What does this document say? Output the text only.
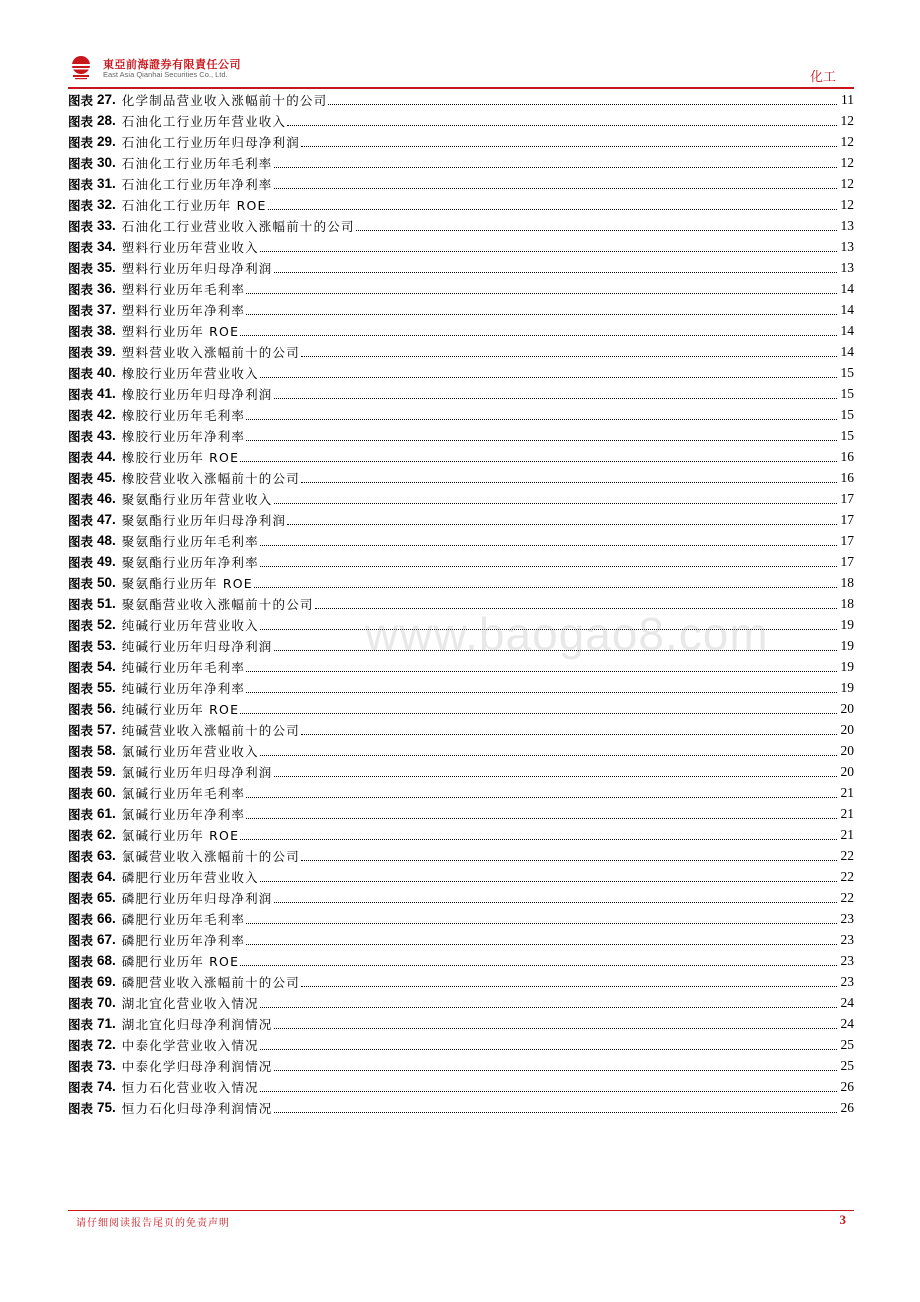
東亞前海證券有限責任公司
East Asia Qianhai Securities Co., Ltd.	化工
图表 27. 化学制品营业收入涨幅前十的公司	11
图表 28. 石油化工行业历年营业收入	12
图表 29. 石油化工行业历年归母净利润	12
图表 30. 石油化工行业历年毛利率	12
图表 31. 石油化工行业历年净利率	12
图表 32. 石油化工行业历年 ROE	12
图表 33. 石油化工行业营业收入涨幅前十的公司	13
图表 34. 塑料行业历年营业收入	13
图表 35. 塑料行业历年归母净利润	13
图表 36. 塑料行业历年毛利率	14
图表 37. 塑料行业历年净利率	14
图表 38. 塑料行业历年 ROE	14
图表 39. 塑料营业收入涨幅前十的公司	14
图表 40. 橡胶行业历年营业收入	15
图表 41. 橡胶行业历年归母净利润	15
图表 42. 橡胶行业历年毛利率	15
图表 43. 橡胶行业历年净利率	15
图表 44. 橡胶行业历年 ROE	16
图表 45. 橡胶营业收入涨幅前十的公司	16
图表 46. 聚氨酯行业历年营业收入	17
图表 47. 聚氨酯行业历年归母净利润	17
图表 48. 聚氨酯行业历年毛利率	17
图表 49. 聚氨酯行业历年净利率	17
图表 50. 聚氨酯行业历年 ROE	18
图表 51. 聚氨酯营业收入涨幅前十的公司	18
图表 52. 纯碱行业历年营业收入	19
图表 53. 纯碱行业历年归母净利润	19
图表 54. 纯碱行业历年毛利率	19
图表 55. 纯碱行业历年净利率	19
图表 56. 纯碱行业历年 ROE	20
图表 57. 纯碱营业收入涨幅前十的公司	20
图表 58. 氯碱行业历年营业收入	20
图表 59. 氯碱行业历年归母净利润	20
图表 60. 氯碱行业历年毛利率	21
图表 61. 氯碱行业历年净利率	21
图表 62. 氯碱行业历年 ROE	21
图表 63. 氯碱营业收入涨幅前十的公司	22
图表 64. 磷肥行业历年营业收入	22
图表 65. 磷肥行业历年归母净利润	22
图表 66. 磷肥行业历年毛利率	23
图表 67. 磷肥行业历年净利率	23
图表 68. 磷肥行业历年 ROE	23
图表 69. 磷肥营业收入涨幅前十的公司	23
图表 70. 湖北宜化营业收入情况	24
图表 71. 湖北宜化归母净利润情况	24
图表 72. 中泰化学营业收入情况	25
图表 73. 中泰化学归母净利润情况	25
图表 74. 恒力石化营业收入情况	26
图表 75. 恒力石化归母净利润情况	26
www.baogao8.com
请仔细阅读报告尾页的免责声明	3
